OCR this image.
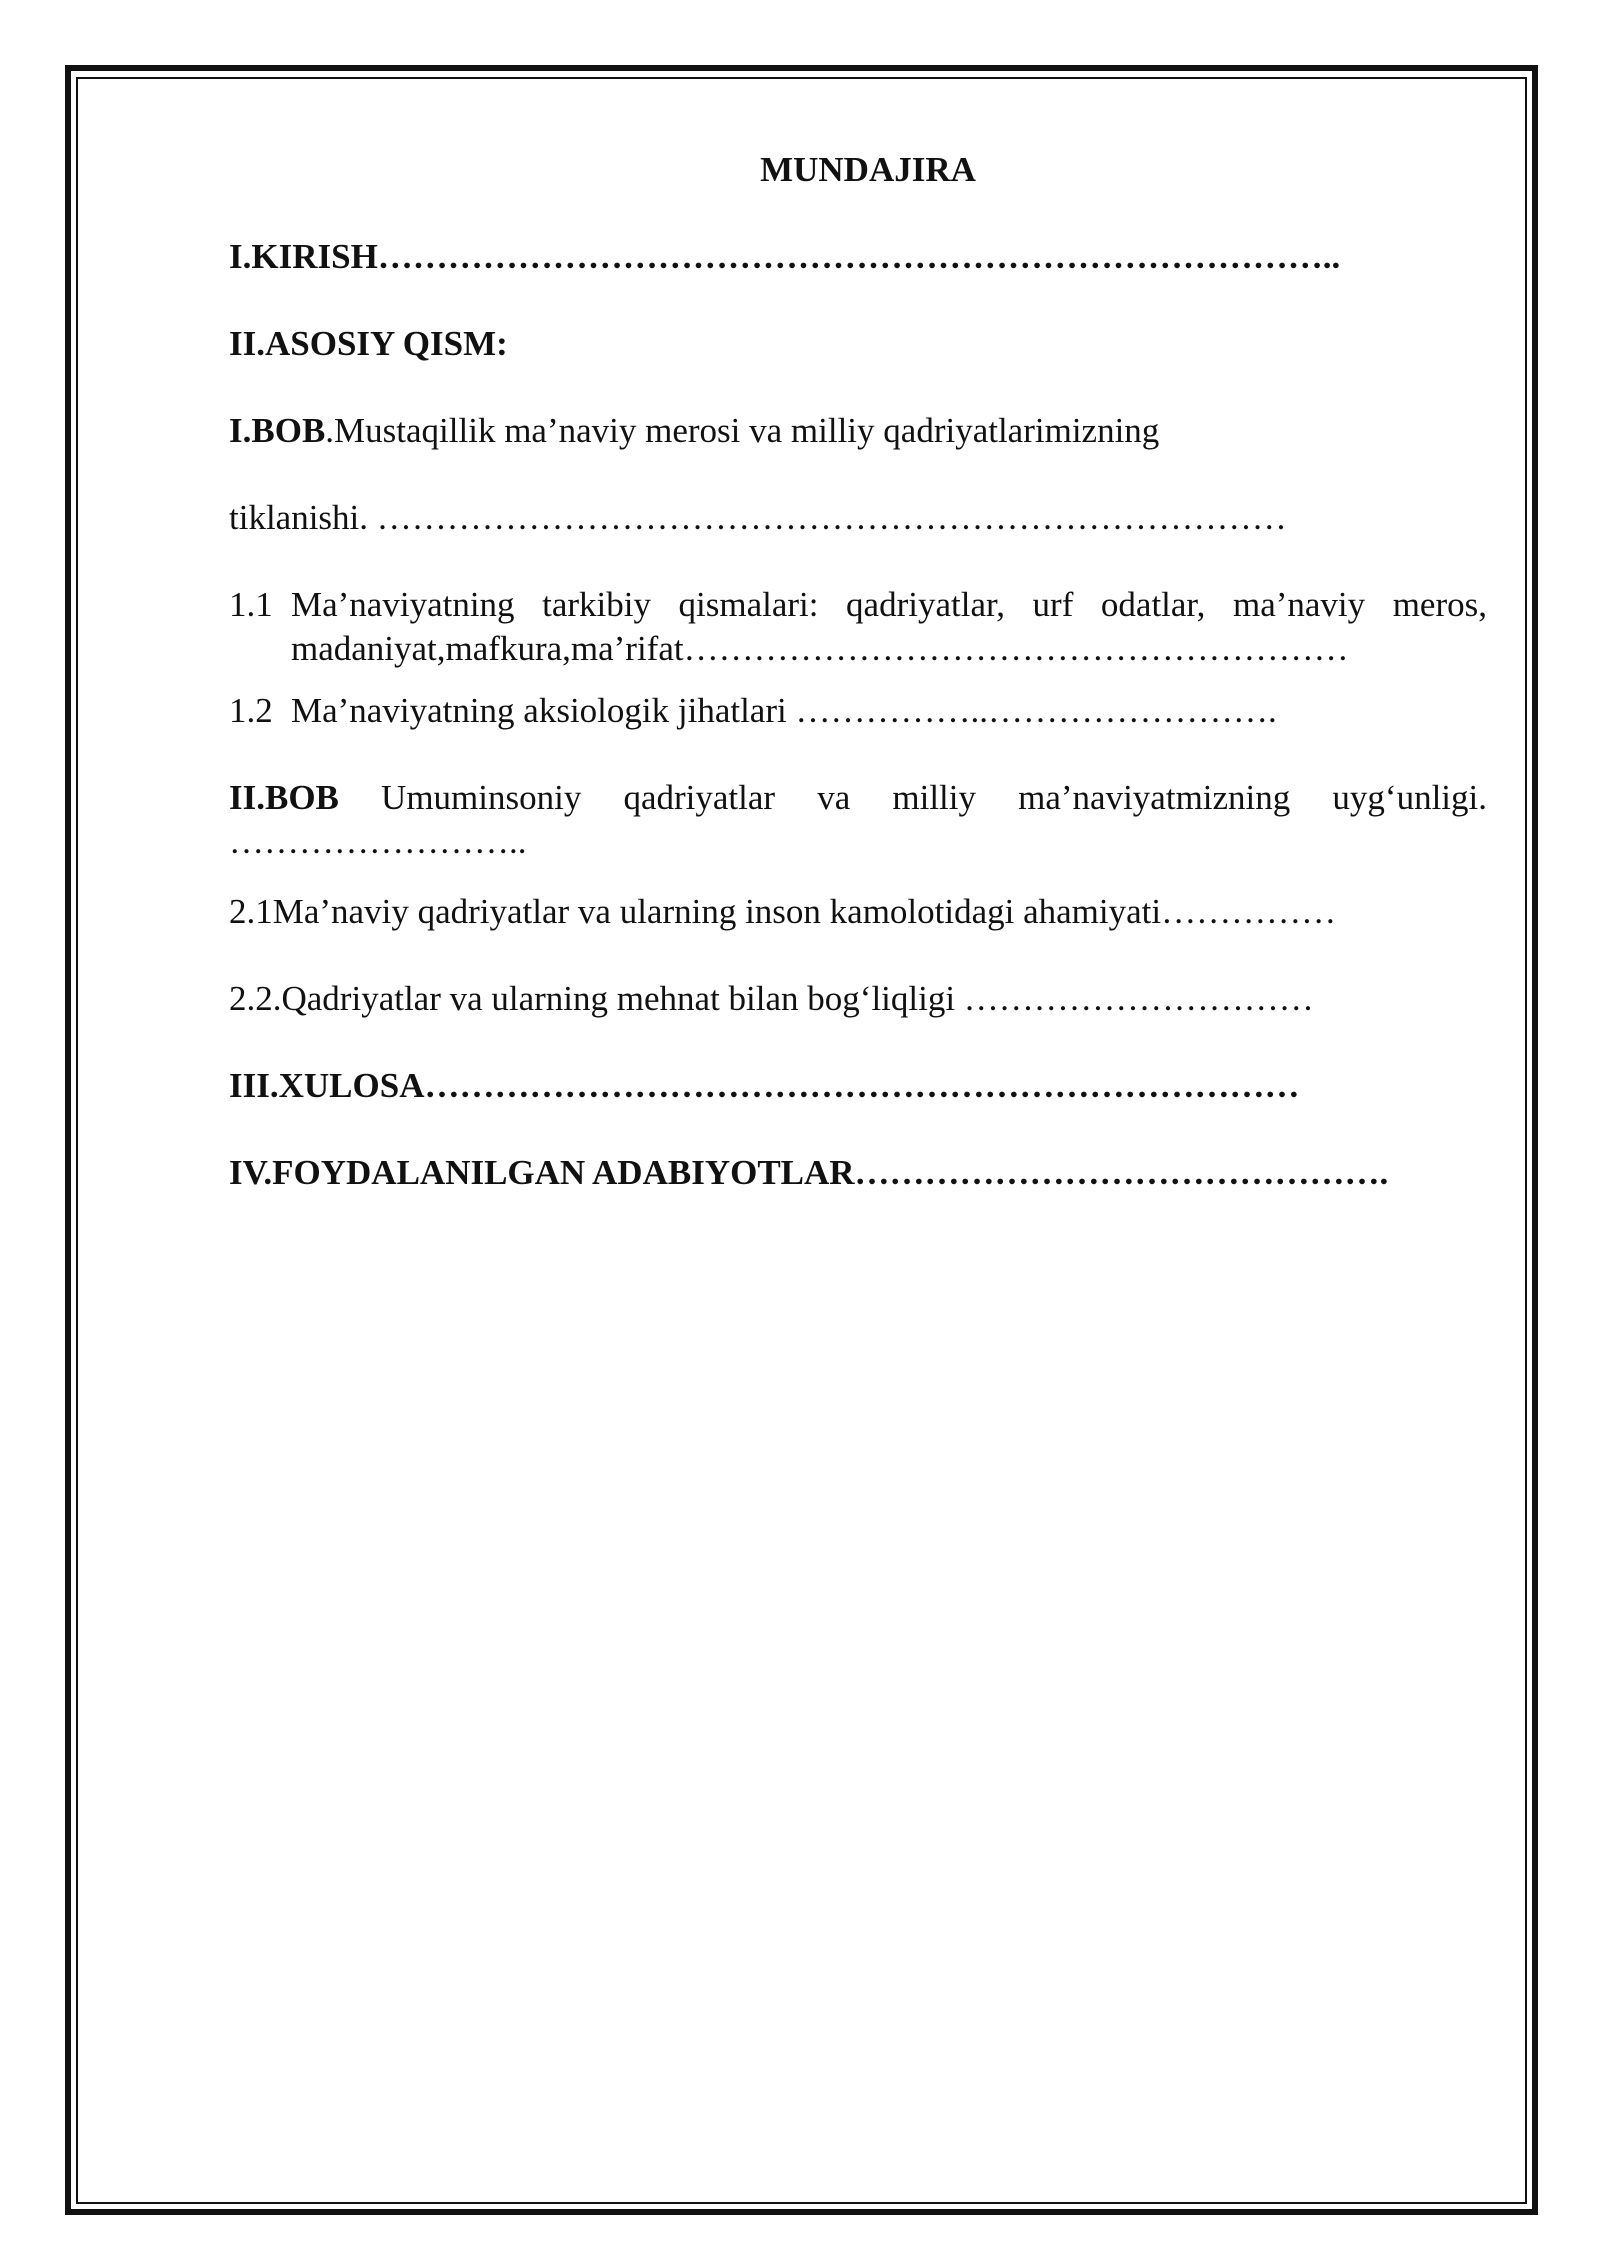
MUNDAJIRA
I.KIRISH………………………………………………………………………..
II.ASOSIY QISM:
I.BOB.Mustaqillik ma’naviy merosi va milliy qadriyatlarimizning
tiklanishi. ……………………………………………………………………
1.1 Ma’naviyatning tarkibiy qismalari: qadriyatlar, urf odatlar, ma’naviy meros,
madaniyat,mafkura,ma’rifat…………………………………………………
1.2 Ma’naviyatning aksiologik jihatlari ……………..…………………….
II.BOB Umuminsoniy qadriyatlar va milliy ma’naviyatmizning uyg‘unligi.
……………………..
2.1Ma’naviy qadriyatlar va ularning inson kamolotidagi ahamiyati……………
2.2.Qadriyatlar va ularning mehnat bilan bog‘liqligi …………………………
III.XULOSA…………………………………………………………………
IV.FOYDALANILGAN ADABIYOTLAR……………………………………….
